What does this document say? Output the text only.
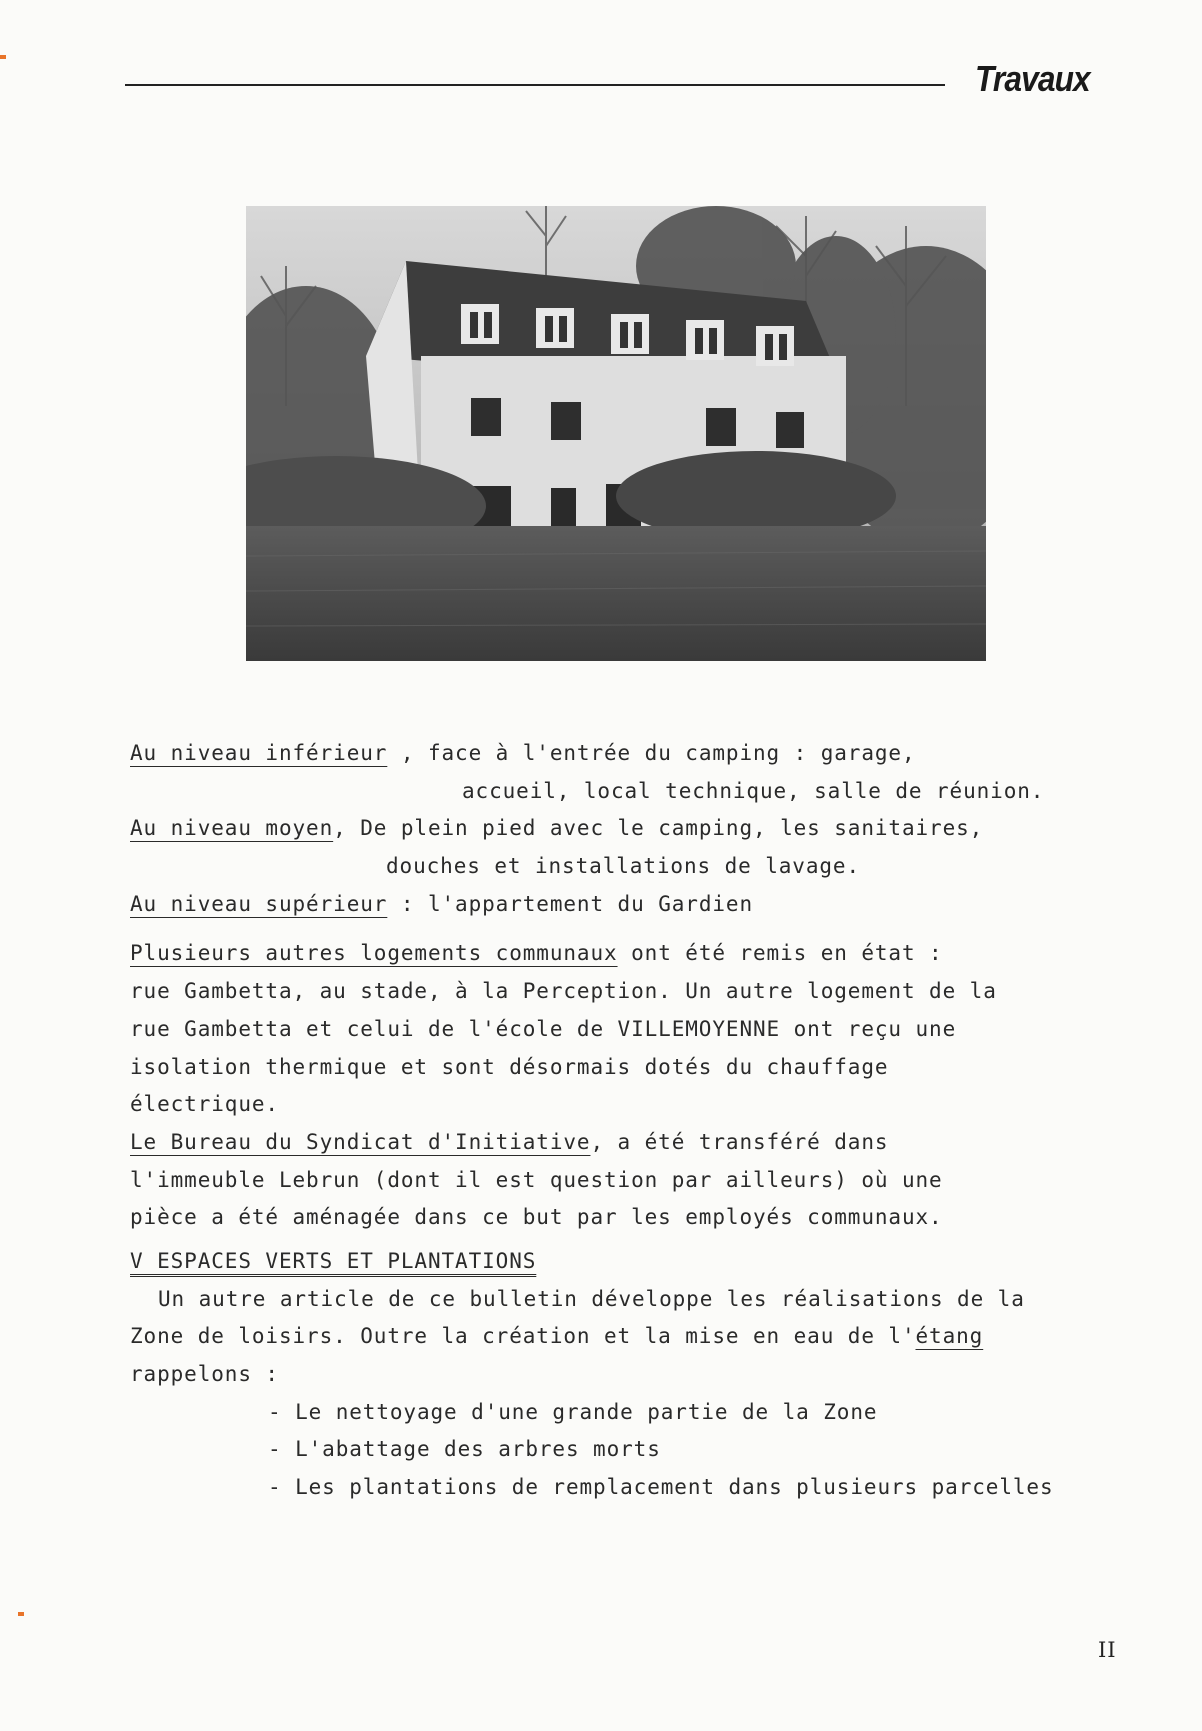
Travaux
Au niveau inférieur , face à l'entrée du camping : garage,
accueil, local technique, salle de réunion.
Au niveau moyen, De plein pied avec le camping, les sanitaires,
douches et installations de lavage.
Au niveau supérieur : l'appartement du Gardien
Plusieurs autres logements communaux ont été remis en état :
rue Gambetta, au stade, à la Perception. Un autre logement de la
rue Gambetta et celui de l'école de VILLEMOYENNE ont reçu une
isolation thermique et sont désormais dotés du chauffage
électrique.
Le Bureau du Syndicat d'Initiative, a été transféré dans
l'immeuble Lebrun (dont il est question par ailleurs) où une
pièce a été aménagée dans ce but par les employés communaux.
V ESPACES VERTS ET PLANTATIONS
Un autre article de ce bulletin développe les réalisations de la
Zone de loisirs. Outre la création et la mise en eau de l'étang
rappelons :
- Le nettoyage d'une grande partie de la Zone
- L'abattage des arbres morts
- Les plantations de remplacement dans plusieurs parcelles
II
